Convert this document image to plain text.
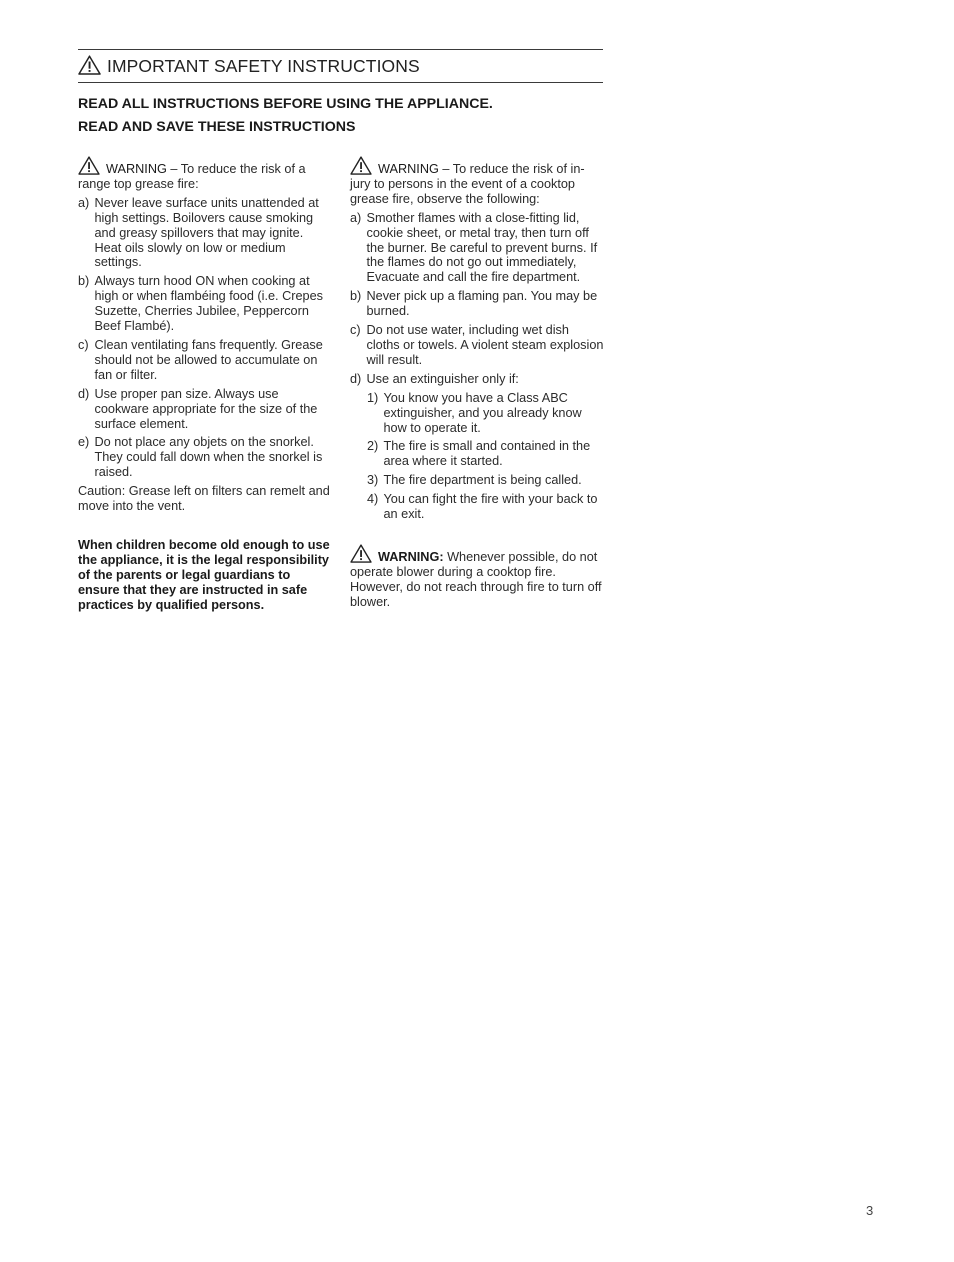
IMPORTANT SAFETY INSTRUCTIONS
READ ALL INSTRUCTIONS BEFORE USING THE APPLIANCE.
READ AND SAVE THESE INSTRUCTIONS
WARNING – To reduce the risk of a range top grease fire:
a) Never leave surface units unattended at high settings. Boilovers cause smoking and greasy spillovers that may ignite. Heat oils slowly on low or medium settings.
b) Always turn hood ON when cooking at high or when flambéing food (i.e. Crepes Suzette, Cherries Jubilee, Peppercorn Beef Flambé).
c) Clean ventilating fans frequently. Grease should not be allowed to accumulate on fan or filter.
d) Use proper pan size. Always use cookware appropriate for the size of the surface element.
e) Do not place any objets on the snorkel. They could fall down when the snorkel is raised.
Caution: Grease left on filters can remelt and move into the vent.
When children become old enough to use the appliance, it is the legal responsibility of the parents or legal guardians to ensure that they are instructed in safe practices by qualified persons.
WARNING – To reduce the risk of in-jury to persons in the event of a cooktop grease fire, observe the following:
a) Smother flames with a close-fitting lid, cookie sheet, or metal tray, then turn off the burner. Be careful to prevent burns. If the flames do not go out immediately, Evacuate and call the fire department.
b) Never pick up a flaming pan. You may be burned.
c) Do not use water, including wet dish cloths or towels. A violent steam explosion will result.
d) Use an extinguisher only if:
1) You know you have a Class ABC extinguisher, and you already know how to operate it.
2) The fire is small and contained in the area where it started.
3) The fire department is being called.
4) You can fight the fire with your back to an exit.
WARNING: Whenever possible, do not operate blower during a cooktop fire. However, do not reach through fire to turn off blower.
3
